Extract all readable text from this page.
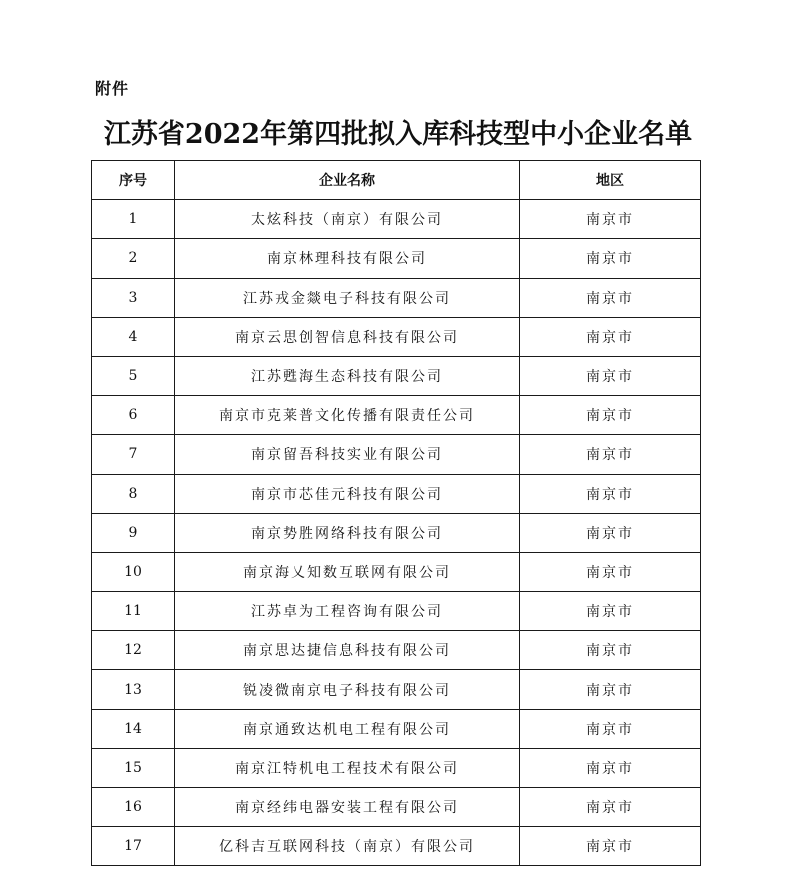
附件
江苏省2022年第四批拟入库科技型中小企业名单
序号	企业名称	地区
1	太炫科技（南京）有限公司	南京市
2	南京林理科技有限公司	南京市
3	江苏戎金燚电子科技有限公司	南京市
4	南京云思创智信息科技有限公司	南京市
5	江苏甦海生态科技有限公司	南京市
6	南京市克莱普文化传播有限责任公司	南京市
7	南京留吾科技实业有限公司	南京市
8	南京市芯佳元科技有限公司	南京市
9	南京势胜网络科技有限公司	南京市
10	南京海乂知数互联网有限公司	南京市
11	江苏卓为工程咨询有限公司	南京市
12	南京思达捷信息科技有限公司	南京市
13	锐凌微南京电子科技有限公司	南京市
14	南京通致达机电工程有限公司	南京市
15	南京江特机电工程技术有限公司	南京市
16	南京经纬电器安装工程有限公司	南京市
17	亿科吉互联网科技（南京）有限公司	南京市
